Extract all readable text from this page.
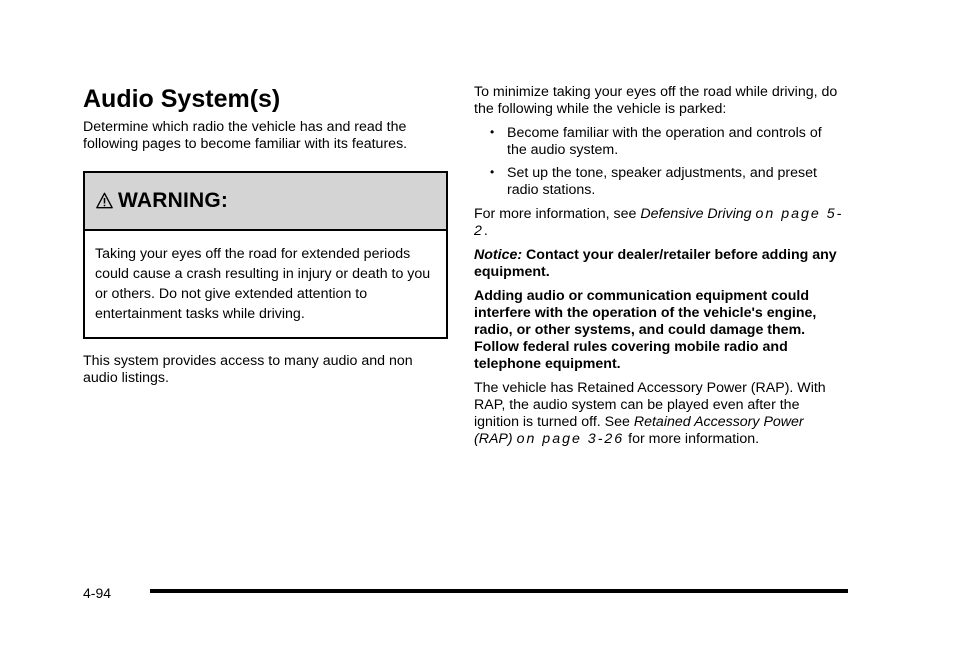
Audio System(s)

Determine which radio the vehicle has and read the following pages to become familiar with its features.

WARNING:

Taking your eyes off the road for extended periods could cause a crash resulting in injury or death to you or others. Do not give extended attention to entertainment tasks while driving.

This system provides access to many audio and non audio listings.

To minimize taking your eyes off the road while driving, do the following while the vehicle is parked:

• Become familiar with the operation and controls of the audio system.
• Set up the tone, speaker adjustments, and preset radio stations.

For more information, see Defensive Driving on page 5-2.

Notice: Contact your dealer/retailer before adding any equipment.

Adding audio or communication equipment could interfere with the operation of the vehicle's engine, radio, or other systems, and could damage them. Follow federal rules covering mobile radio and telephone equipment.

The vehicle has Retained Accessory Power (RAP). With RAP, the audio system can be played even after the ignition is turned off. See Retained Accessory Power (RAP) on page 3-26 for more information.

4-94
